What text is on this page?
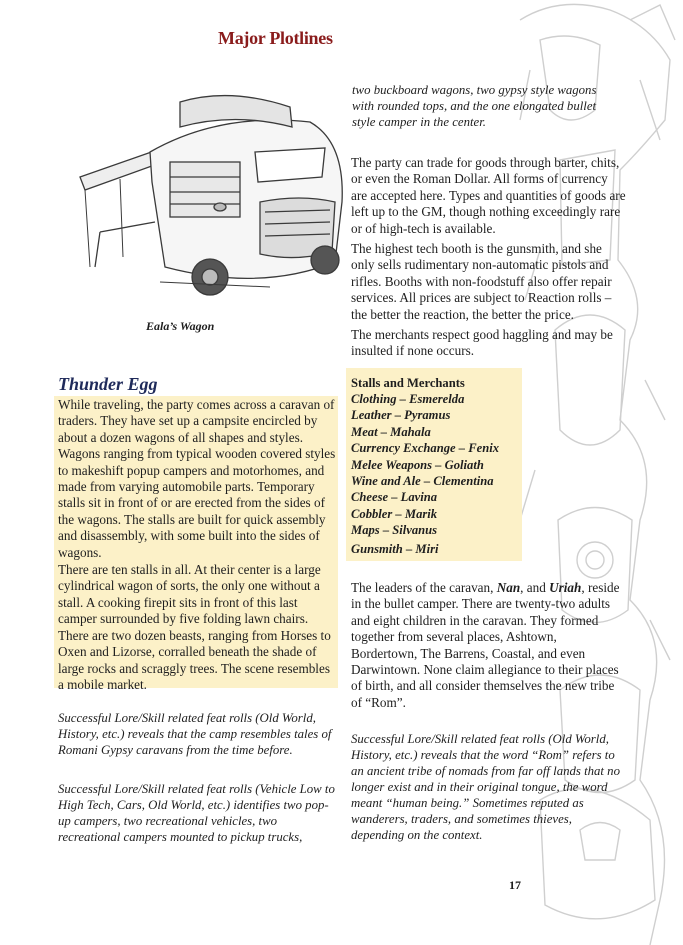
Major Plotlines
Eala’s Wagon
Thunder Egg

While traveling, the party comes across a caravan of traders. They have set up a campsite encircled by about a dozen wagons of all shapes and styles. Wagons ranging from typical wooden covered styles to makeshift popup campers and motorhomes, and made from varying automobile parts. Temporary stalls sit in front of or are erected from the sides of the wagons. The stalls are built for quick assembly and disassembly, with some built into the sides of wagons.

There are ten stalls in all. At their center is a large cylindrical wagon of sorts, the only one without a stall. A cooking firepit sits in front of this last camper surrounded by five folding lawn chairs. There are two dozen beasts, ranging from Horses to Oxen and Lizorse, corralled beneath the shade of large rocks and scraggly trees. The scene resembles a mobile market.

Successful Lore/Skill related feat rolls (Old World, History, etc.) reveals that the camp resembles tales of Romani Gypsy caravans from the time before.

Successful Lore/Skill related feat rolls (Vehicle Low to High Tech, Cars, Old World, etc.) identifies two pop-up campers, two recreational vehicles, two recreational campers mounted to pickup trucks,

two buckboard wagons, two gypsy style wagons with rounded tops, and the one elongated bullet style camper in the center.

The party can trade for goods through barter, chits, or even the Roman Dollar. All forms of currency are accepted here. Types and quantities of goods are left up to the GM, though nothing exceedingly rare or of high-tech is available.

The highest tech booth is the gunsmith, and she only sells rudimentary non-automatic pistols and rifles. Booths with non-foodstuff also offer repair services. All prices are subject to Reaction rolls – the better the reaction, the better the price.

The merchants respect good haggling and may be insulted if none occurs.

Stalls and Merchants
Clothing – Esmerelda
Leather – Pyramus
Meat – Mahala
Currency Exchange – Fenix
Melee Weapons – Goliath
Wine and Ale – Clementina
Cheese – Lavina
Cobbler – Marik
Maps – Silvanus
Gunsmith – Miri

The leaders of the caravan, Nan, and Uriah, reside in the bullet camper. There are twenty-two adults and eight children in the caravan. They formed together from several places, Ashtown, Bordertown, The Barrens, Coastal, and even Darwintown. None claim allegiance to their places of birth, and all consider themselves the new tribe of “Rom”.

Successful Lore/Skill related feat rolls (Old World, History, etc.) reveals that the word “Rom” refers to an ancient tribe of nomads from far off lands that no longer exist and in their original tongue, the word meant “human being.” Sometimes reputed as wanderers, traders, and sometimes thieves, depending on the context.

17
